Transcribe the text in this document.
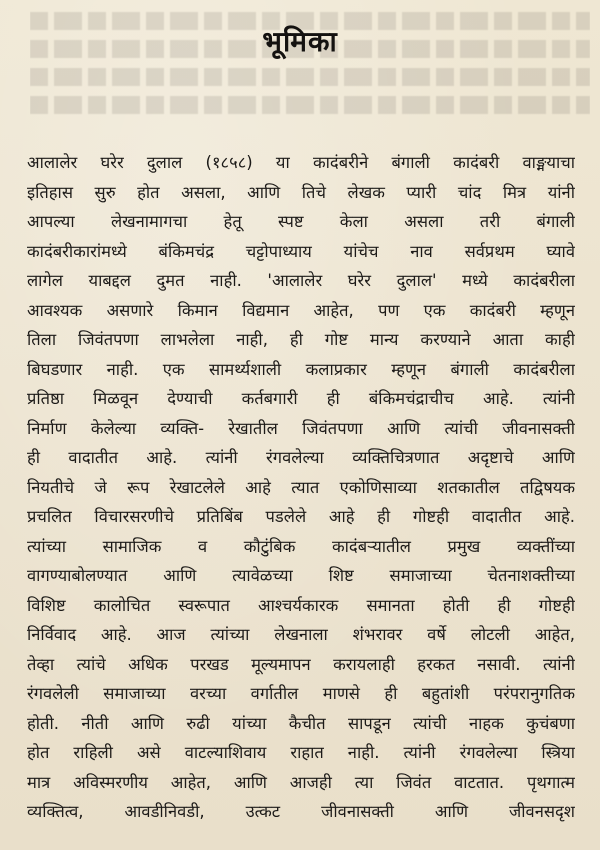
भूमिका
आलालेर घरेर दुलाल (१८५८) या कादंबरीने बंगाली कादंबरी वाङ्मयाचा
इतिहास सुरु होत असला, आणि तिचे लेखक प्यारी चांद मित्र यांनी
आपल्या लेखनामागचा हेतू स्पष्ट केला असला तरी बंगाली
कादंबरीकारांमध्ये बंकिमचंद्र चट्टोपाध्याय यांचेच नाव सर्वप्रथम घ्यावे
लागेल याबद्दल दुमत नाही. 'आलालेर घरेर दुलाल' मध्ये कादंबरीला
आवश्यक असणारे किमान विद्यमान आहेत, पण एक कादंबरी म्हणून
तिला जिवंतपणा लाभलेला नाही, ही गोष्ट मान्य करण्याने आता काही
बिघडणार नाही. एक सामर्थ्यशाली कलाप्रकार म्हणून बंगाली कादंबरीला
प्रतिष्ठा मिळवून देण्याची कर्तबगारी ही बंकिमचंद्राचीच आहे. त्यांनी
निर्माण केलेल्या व्यक्ति- रेखातील जिवंतपणा आणि त्यांची जीवनासक्ती
ही वादातीत आहे. त्यांनी रंगवलेल्या व्यक्तिचित्रणात अदृष्टाचे आणि
नियतीचे जे रूप रेखाटलेले आहे त्यात एकोणिसाव्या शतकातील तद्विषयक
प्रचलित विचारसरणीचे प्रतिबिंब पडलेले आहे ही गोष्टही वादातीत आहे.
त्यांच्या सामाजिक व कौटुंबिक कादंबऱ्यातील प्रमुख व्यक्तींच्या
वागण्याबोलण्यात आणि त्यावेळच्या शिष्ट समाजाच्या चेतनाशक्तीच्या
विशिष्ट कालोचित स्वरूपात आश्चर्यकारक समानता होती ही गोष्टही
निर्विवाद आहे. आज त्यांच्या लेखनाला शंभरावर वर्षे लोटली आहेत,
तेव्हा त्यांचे अधिक परखड मूल्यमापन करायलाही हरकत नसावी. त्यांनी
रंगवलेली समाजाच्या वरच्या वर्गातील माणसे ही बहुतांशी परंपरानुगतिक
होती. नीती आणि रुढी यांच्या कैचीत सापडून त्यांची नाहक कुचंबणा
होत राहिली असे वाटल्याशिवाय राहात नाही. त्यांनी रंगवलेल्या स्त्रिया
मात्र अविस्मरणीय आहेत, आणि आजही त्या जिवंत वाटतात. पृथगात्म
व्यक्तित्व, आवडीनिवडी, उत्कट जीवनासक्ती आणि जीवनसदृश
